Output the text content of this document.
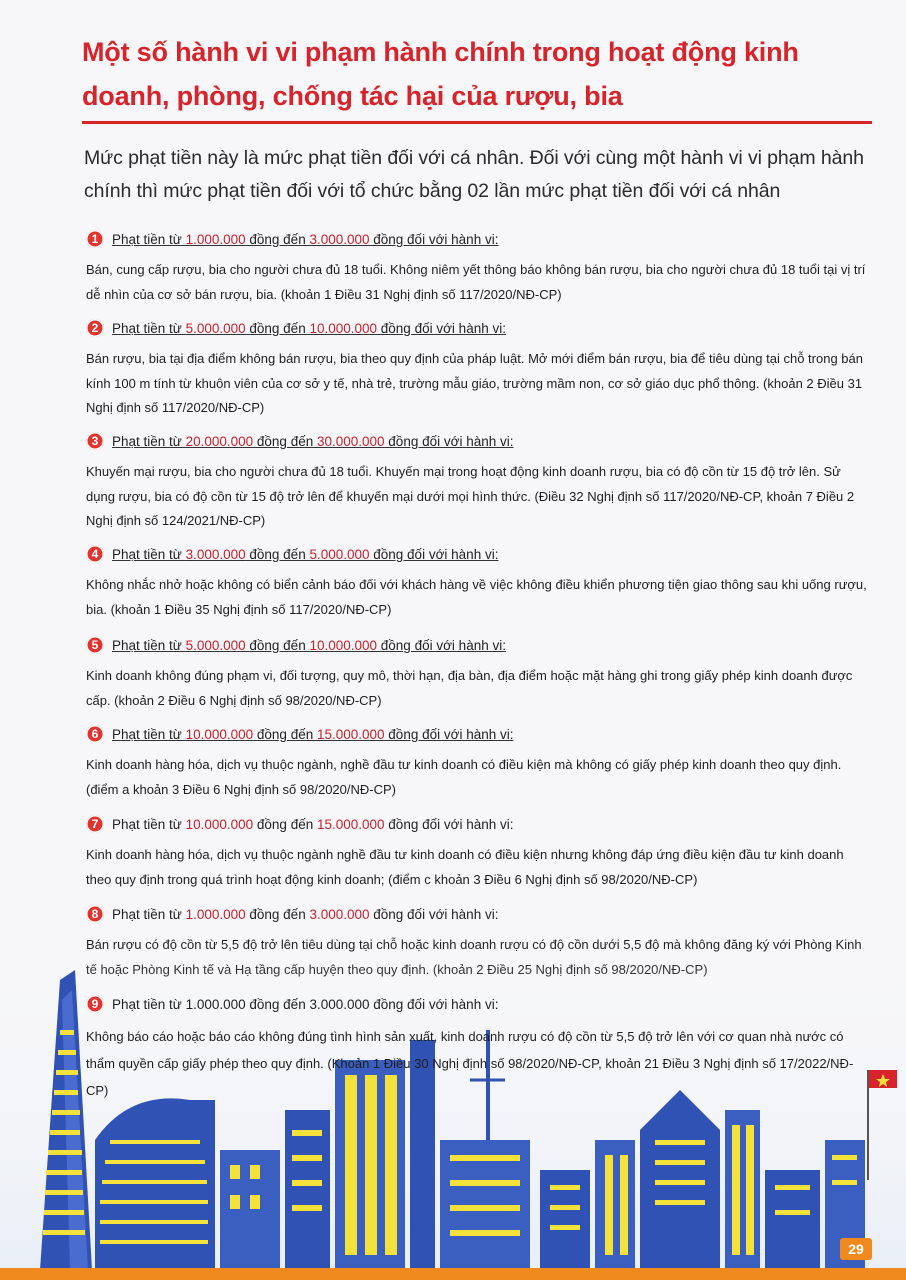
Một số hành vi vi phạm hành chính trong hoạt động kinh doanh, phòng, chống tác hại của rượu, bia
Mức phạt tiền này là mức phạt tiền đối với cá nhân. Đối với cùng một hành vi vi phạm hành chính thì mức phạt tiền đối với tổ chức bằng 02 lần mức phạt tiền đối với cá nhân
1	Phạt tiền từ 1.000.000 đồng đến 3.000.000 đồng đối với hành vi:
Bán, cung cấp rượu, bia cho người chưa đủ 18 tuổi. Không niêm yết thông báo không bán rượu, bia cho người chưa đủ 18 tuổi tại vị trí dễ nhìn của cơ sở bán rượu, bia. (khoản 1 Điều 31 Nghị định số 117/2020/NĐ-CP)
2	Phạt tiền từ 5.000.000 đồng đến 10.000.000 đồng đối với hành vi:
Bán rượu, bia tại địa điểm không bán rượu, bia theo quy định của pháp luật. Mở mới điểm bán rượu, bia để tiêu dùng tại chỗ trong bán kính 100 m tính từ khuôn viên của cơ sở y tế, nhà trẻ, trường mẫu giáo, trường mầm non, cơ sở giáo dục phổ thông. (khoản 2 Điều 31 Nghị định số 117/2020/NĐ-CP)
3	Phạt tiền từ 20.000.000 đồng đến 30.000.000 đồng đối với hành vi:
Khuyến mại rượu, bia cho người chưa đủ 18 tuổi. Khuyến mại trong hoạt động kinh doanh rượu, bia có độ cồn từ 15 độ trở lên. Sử dụng rượu, bia có độ cồn từ 15 độ trở lên để khuyến mại dưới mọi hình thức. (Điều 32 Nghị định số 117/2020/NĐ-CP, khoản 7 Điều 2 Nghị định số 124/2021/NĐ-CP)
4	Phạt tiền từ 3.000.000 đồng đến 5.000.000 đồng đối với hành vi:
Không nhắc nhở hoặc không có biển cảnh báo đối với khách hàng về việc không điều khiển phương tiện giao thông sau khi uống rượu, bia. (khoản 1 Điều 35 Nghị định số 117/2020/NĐ-CP)
5	Phạt tiền từ 5.000.000 đồng đến 10.000.000 đồng đối với hành vi:
Kinh doanh không đúng phạm vi, đối tượng, quy mô, thời hạn, địa bàn, địa điểm hoặc mặt hàng ghi trong giấy phép kinh doanh được cấp. (khoản 2 Điều 6 Nghị định số 98/2020/NĐ-CP)
6	Phạt tiền từ 10.000.000 đồng đến 15.000.000 đồng đối với hành vi:
Kinh doanh hàng hóa, dịch vụ thuộc ngành, nghề đầu tư kinh doanh có điều kiện mà không có giấy phép kinh doanh theo quy định. (điểm a khoản 3 Điều 6 Nghị định số 98/2020/NĐ-CP)
7	Phạt tiền từ 10.000.000 đồng đến 15.000.000 đồng đối với hành vi:
Kinh doanh hàng hóa, dịch vụ thuộc ngành nghề đầu tư kinh doanh có điều kiện nhưng không đáp ứng điều kiện đầu tư kinh doanh theo quy định trong quá trình hoạt động kinh doanh; (điểm c khoản 3 Điều 6 Nghị định số 98/2020/NĐ-CP)
8	Phạt tiền từ 1.000.000 đồng đến 3.000.000 đồng đối với hành vi:
9	Phạt tiền từ 1.000.000 đồng đến 3.000.000 đồng đối với hành vi:
Không báo cáo hoặc báo cáo không đúng tình hình sản xuất, kinh doanh rượu có độ cồn từ 5,5 độ trở lên với cơ quan nhà nước có thẩm quyền cấp giấy phép theo quy định. (Khoản 1 Điều 30 Nghị định số 98/2020/NĐ-CP, khoản 21 Điều 3 Nghị định số 17/2022/NĐ-CP)
29
